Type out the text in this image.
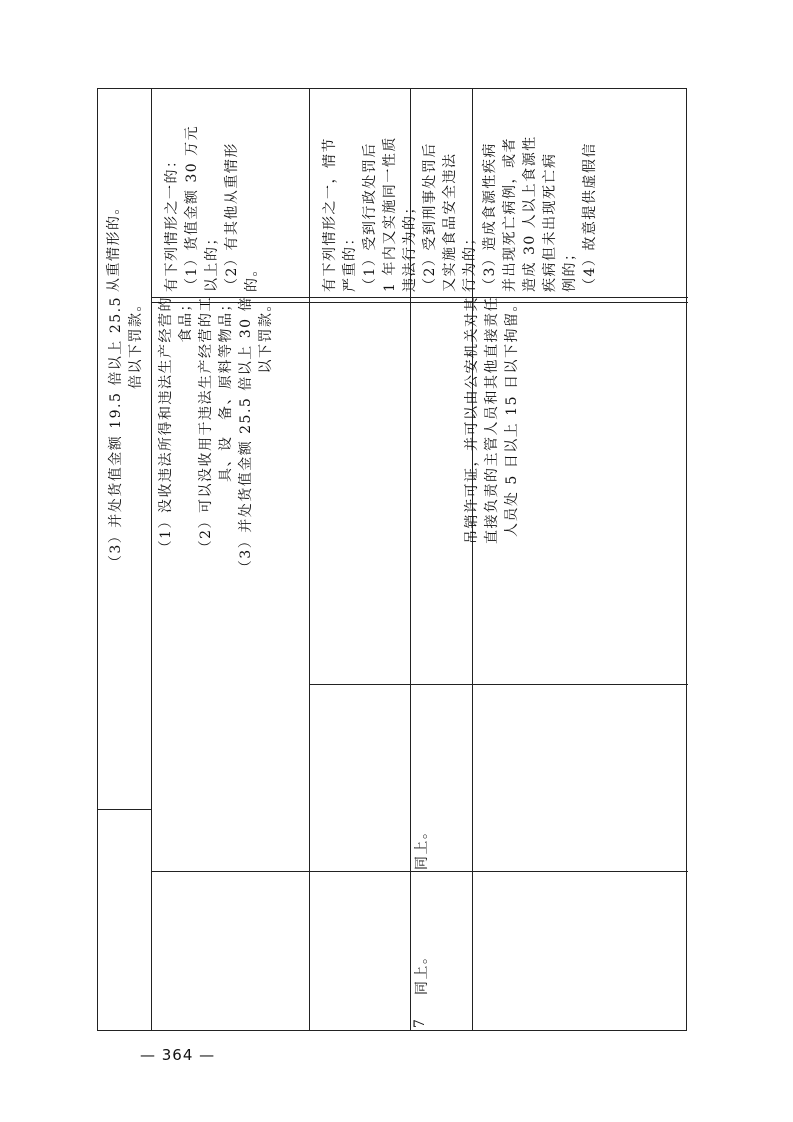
从重情形的。

（3）并处货值金额 19.5 倍以上 25.5 倍以下罚款。

有下列情形之一的： （1）货值金额 30 万元 以上的； （2）有其他从重情形 的。

（1）没收违法所得和违法生产经营的 食品； （2）可以没收用于违法生产经营的工 具、设　备、原料等物品； （3）并处货值金额 25.5 倍以上 30 倍 以下罚款。

有下列情形之一，情节 严重的： （1）受到行政处罚后 1 年内又实施同一性质 违法行为的； （2）受到刑事处罚后 又实施食品安全违法 行为的； （3）造成食源性疾病 并出现死亡病例，或者 造成 30 人以上食源性 疾病但未出现死亡病 例的； （4）故意提供虚假信

吊销许可证，并可以由公安机关对其 直接负责的主管人员和其他直接责任 人员处 5 日以上 15 日以下拘留。

同上。

同上。

7

— 364 —
